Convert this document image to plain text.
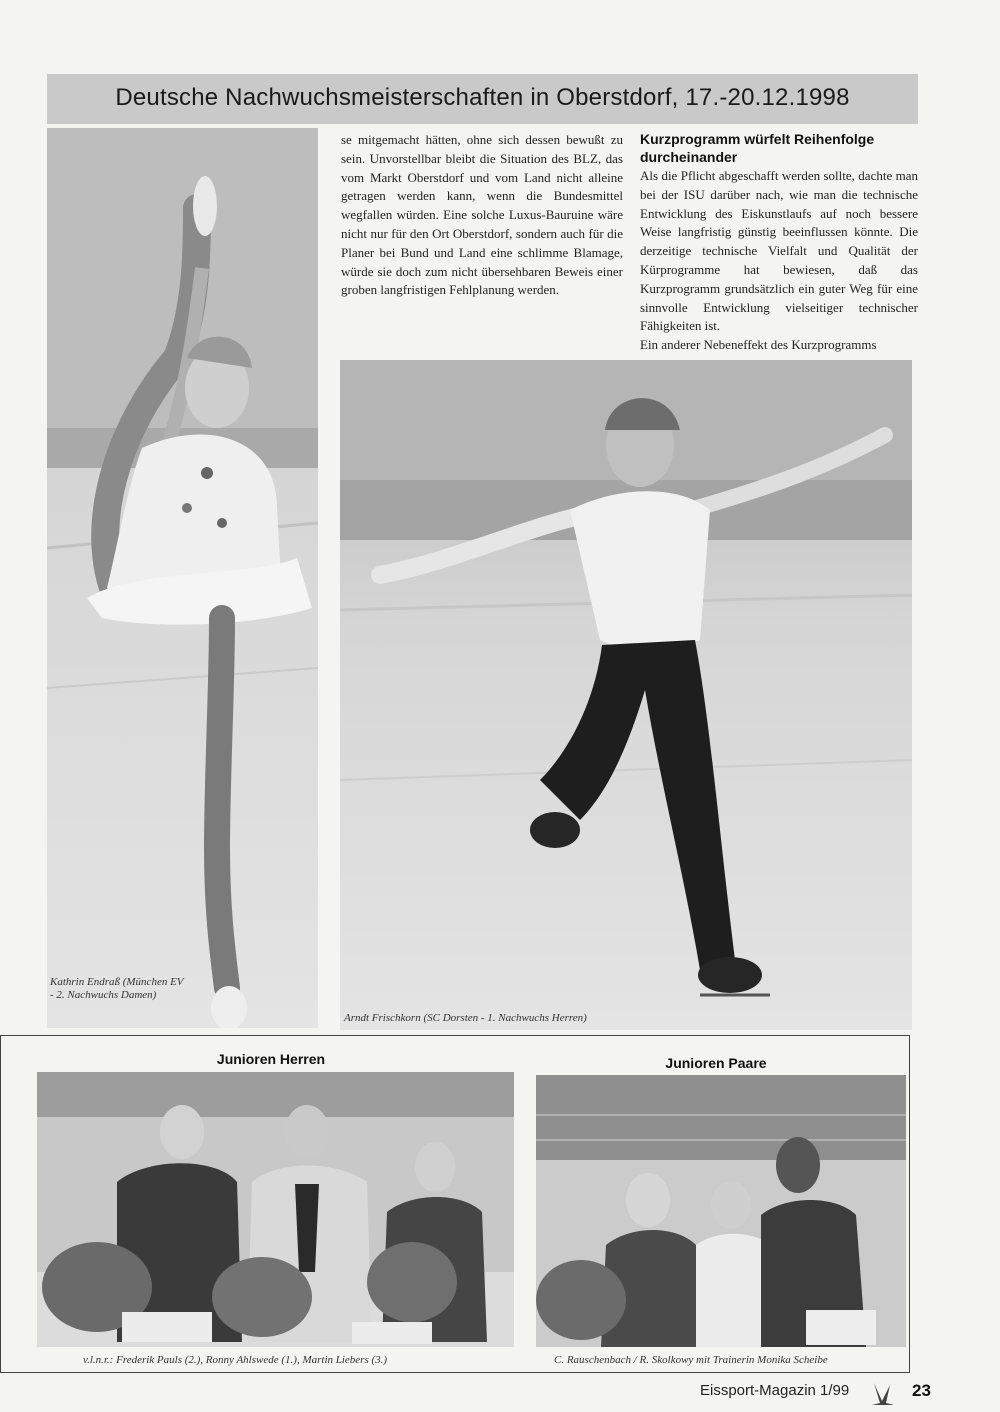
Deutsche Nachwuchsmeisterschaften in Oberstdorf, 17.-20.12.1998
Kathrin Endraß (München EV - 2. Nachwuchs Damen)

se mitgemacht hätten, ohne sich dessen bewußt zu sein. Unvorstellbar bleibt die Situation des BLZ, das vom Markt Oberstdorf und vom Land nicht alleine getragen werden kann, wenn die Bundesmittel wegfallen würden. Eine solche Luxus-Bauruine wäre nicht nur für den Ort Oberstdorf, sondern auch für die Planer bei Bund und Land eine schlimme Blamage, würde sie doch zum nicht übersehbaren Beweis einer groben langfristigen Fehlplanung werden.

Kurzprogramm würfelt Reihenfolge durcheinander

Als die Pflicht abgeschafft werden sollte, dachte man bei der ISU darüber nach, wie man die technische Entwicklung des Eiskunstlaufs auf noch bessere Weise langfristig günstig beeinflussen könnte. Die derzeitige technische Vielfalt und Qualität der Kürprogramme hat bewiesen, daß das Kurzprogramm grundsätzlich ein guter Weg für eine sinnvolle Entwicklung vielseitiger technischer Fähigkeiten ist.

Ein anderer Nebeneffekt des Kurzprogramms

Arndt Frischkorn (SC Dorsten - 1. Nachwuchs Herren)
Junioren Herren	Junioren Paare
v.l.n.r.: Frederik Pauls (2.), Ronny Ahlswede (1.), Martin Liebers (3.)	C. Rauschenbach / R. Skolkowy mit Trainerin Monika Scheibe
Eissport-Magazin 1/99	23
